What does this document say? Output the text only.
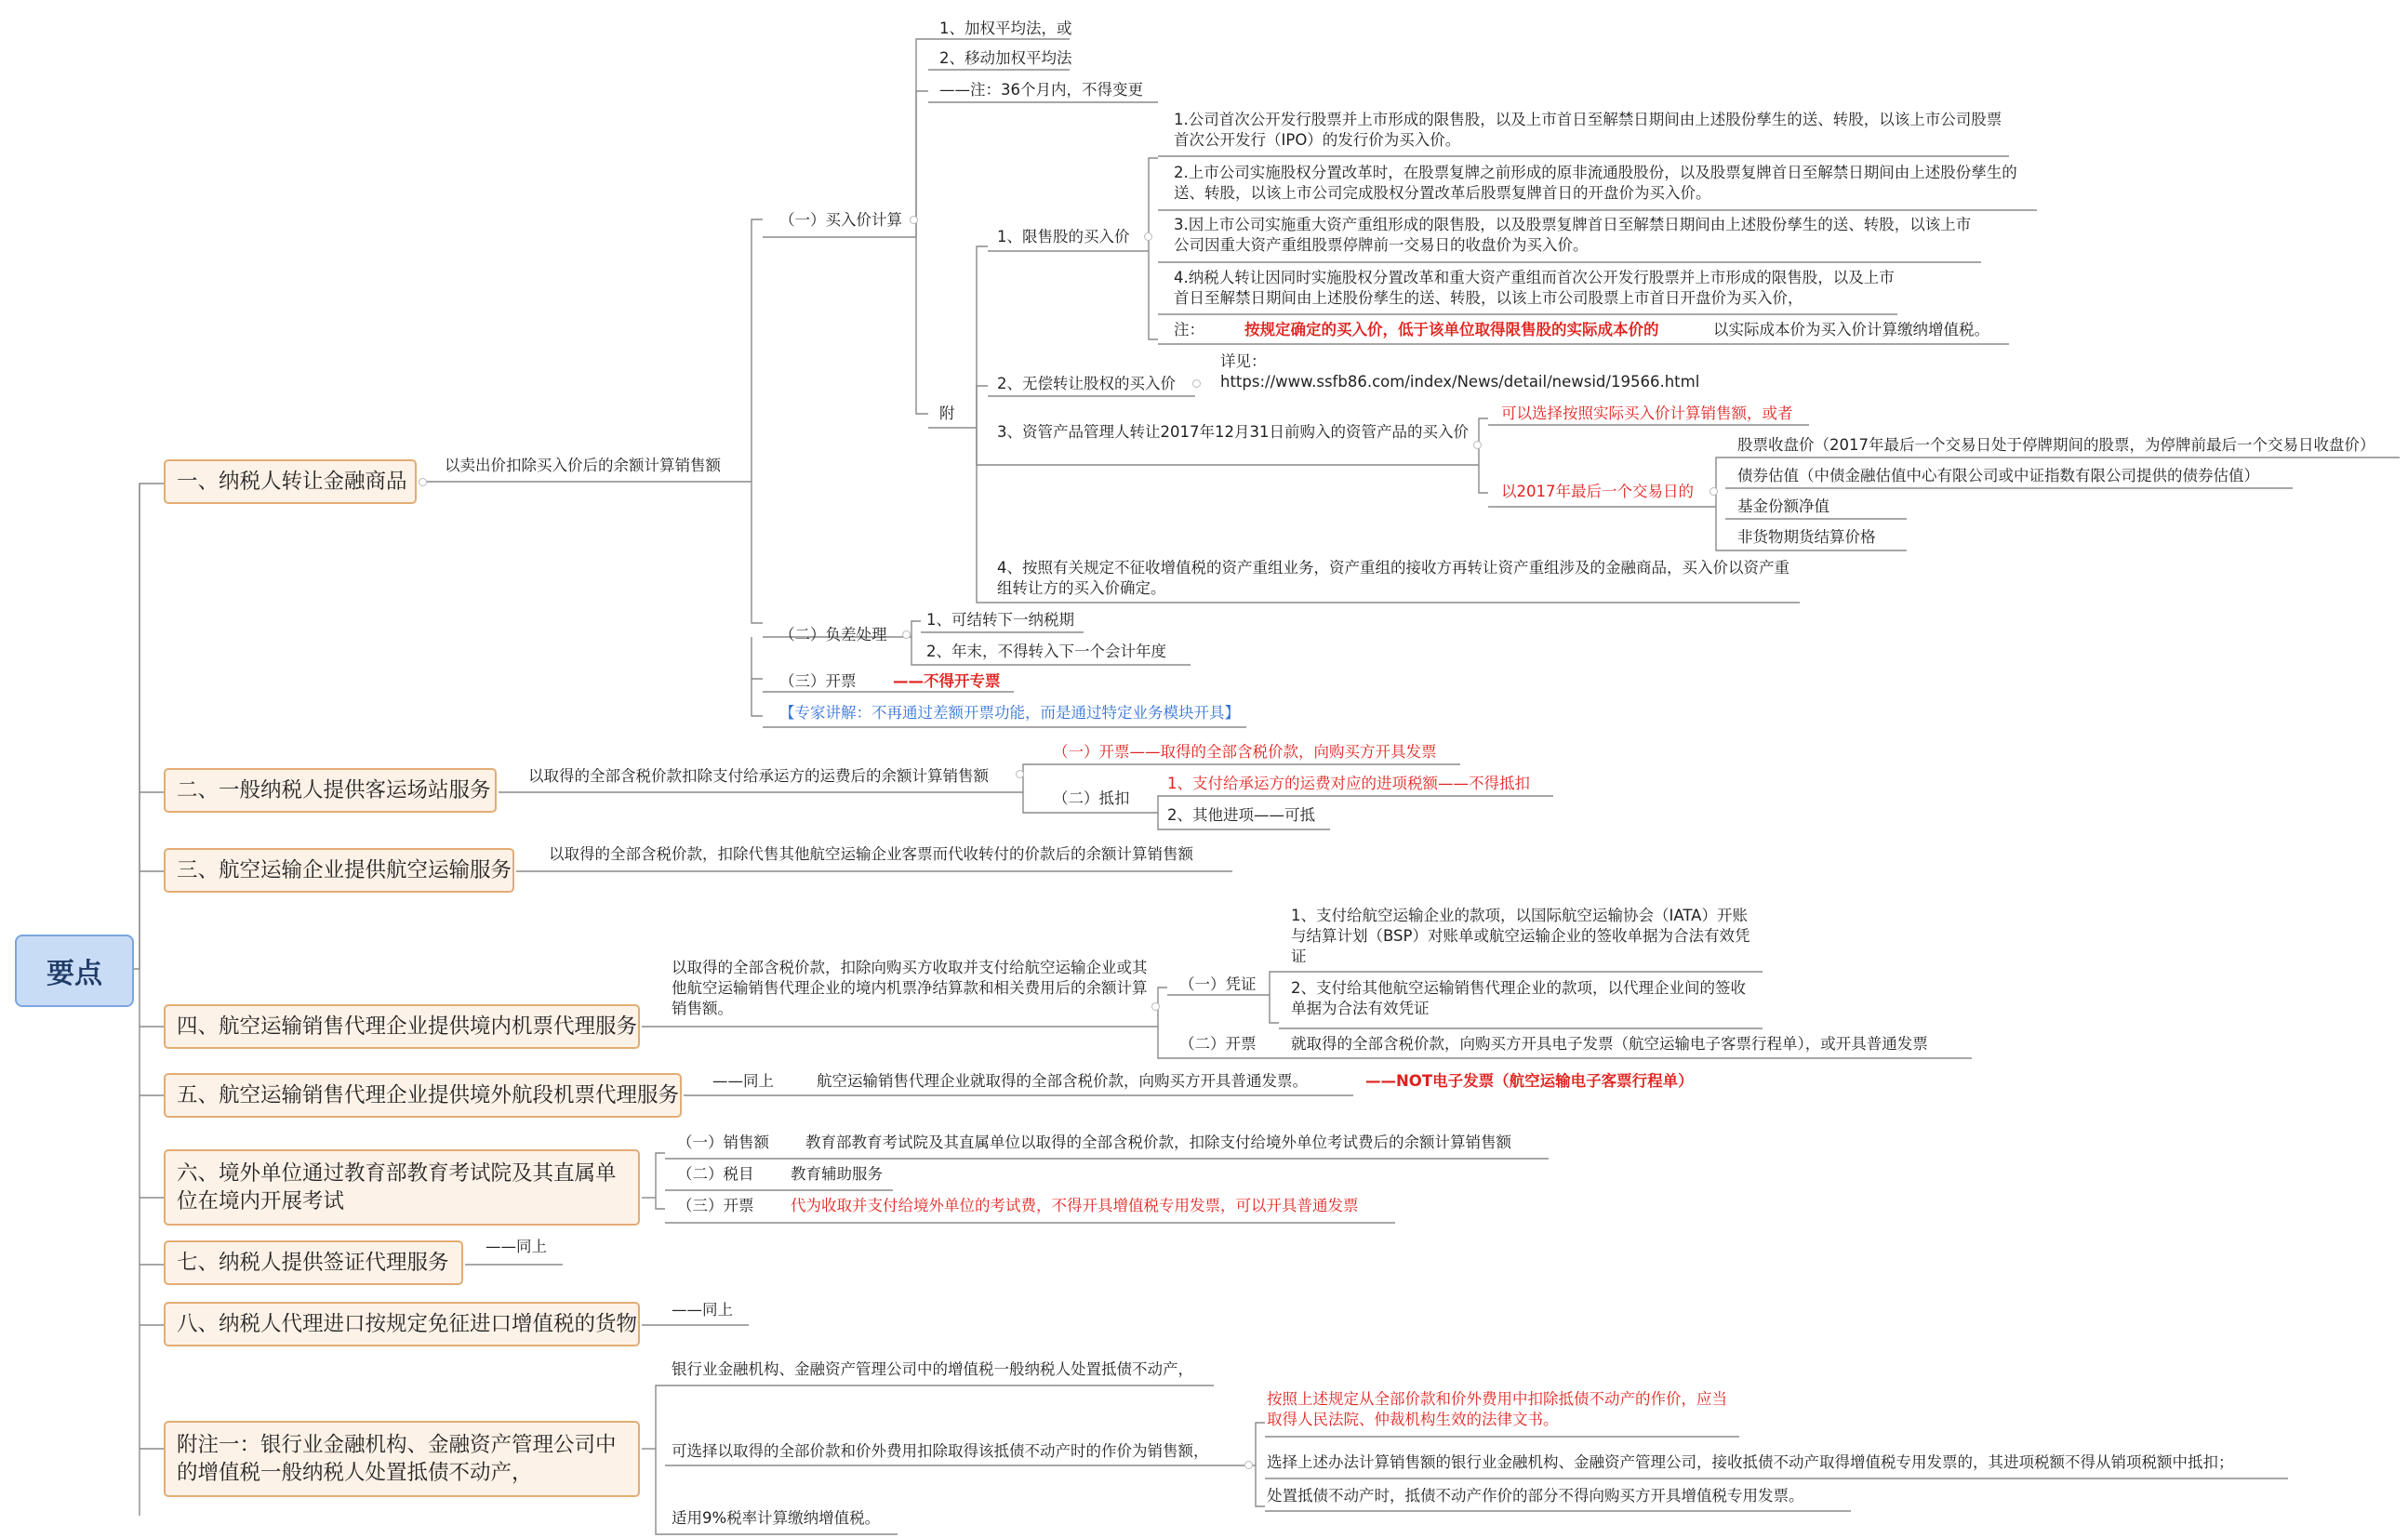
要点
一、纳税人转让金融商品
以卖出价扣除买入价后的余额计算销售额
（一）买入价计算
1、加权平均法，或
2、移动加权平均法
——注：36个月内，不得变更
附
1、限售股的买入价
1.公司首次公开发行股票并上市形成的限售股，以及上市首日至解禁日期间由上述股份孳生的送、转股，以该上市公司股票首次公开发行（IPO）的发行价为买入价。
2.上市公司实施股权分置改革时，在股票复牌之前形成的原非流通股股份，以及股票复牌首日至解禁日期间由上述股份孳生的送、转股，以该上市公司完成股权分置改革后股票复牌首日的开盘价为买入价。
3.因上市公司实施重大资产重组形成的限售股，以及股票复牌首日至解禁日期间由上述股份孳生的送、转股，以该上市公司因重大资产重组股票停牌前一交易日的收盘价为买入价。
4.纳税人转让因同时实施股权分置改革和重大资产重组而首次公开发行股票并上市形成的限售股，以及上市首日至解禁日期间由上述股份孳生的送、转股，以该上市公司股票上市首日开盘价为买入价，
注：	按规定确定的买入价，低于该单位取得限售股的实际成本价的	以实际成本价为买入价计算缴纳增值税。
2、无偿转让股权的买入价
详见：https://www.ssfb86.com/index/News/detail/newsid/19566.html
3、资管产品管理人转让2017年12月31日前购入的资管产品的买入价
可以选择按照实际买入价计算销售额，或者
以2017年最后一个交易日的
股票收盘价（2017年最后一个交易日处于停牌期间的股票，为停牌前最后一个交易日收盘价）
债券估值（中债金融估值中心有限公司或中证指数有限公司提供的债券估值）
基金份额净值
非货物期货结算价格
4、按照有关规定不征收增值税的资产重组业务，资产重组的接收方再转让资产重组涉及的金融商品，买入价以资产重组转让方的买入价确定。
（二）负差处理
1、可结转下一纳税期
2、年末，不得转入下一个会计年度
（三）开票 ——不得开专票
【专家讲解：不再通过差额开票功能，而是通过特定业务模块开具】
二、一般纳税人提供客运场站服务
以取得的全部含税价款扣除支付给承运方的运费后的余额计算销售额
（一）开票——取得的全部含税价款，向购买方开具发票
（二）抵扣
1、支付给承运方的运费对应的进项税额——不得抵扣
2、其他进项——可抵
三、航空运输企业提供航空运输服务
以取得的全部含税价款，扣除代售其他航空运输企业客票而代收转付的价款后的余额计算销售额
四、航空运输销售代理企业提供境内机票代理服务
以取得的全部含税价款，扣除向购买方收取并支付给航空运输企业或其他航空运输销售代理企业的境内机票净结算款和相关费用后的余额计算销售额。
（一）凭证
1、支付给航空运输企业的款项，以国际航空运输协会（IATA）开账与结算计划（BSP）对账单或航空运输企业的签收单据为合法有效凭证
2、支付给其他航空运输销售代理企业的款项，以代理企业间的签收单据为合法有效凭证
（二）开票 就取得的全部含税价款，向购买方开具电子发票（航空运输电子客票行程单），或开具普通发票
五、航空运输销售代理企业提供境外航段机票代理服务
——同上	航空运输销售代理企业就取得的全部含税价款，向购买方开具普通发票。	——NOT电子发票（航空运输电子客票行程单）
六、境外单位通过教育部教育考试院及其直属单位在境内开展考试
（一）销售额 教育部教育考试院及其直属单位以取得的全部含税价款，扣除支付给境外单位考试费后的余额计算销售额
（二）税目 教育辅助服务
（三）开票 代为收取并支付给境外单位的考试费，不得开具增值税专用发票，可以开具普通发票
七、纳税人提供签证代理服务
——同上
八、纳税人代理进口按规定免征进口增值税的货物
——同上
附注一：银行业金融机构、金融资产管理公司中的增值税一般纳税人处置抵债不动产，
银行业金融机构、金融资产管理公司中的增值税一般纳税人处置抵债不动产，
可选择以取得的全部价款和价外费用扣除取得该抵债不动产时的作价为销售额，
按照上述规定从全部价款和价外费用中扣除抵债不动产的作价，应当取得人民法院、仲裁机构生效的法律文书。
选择上述办法计算销售额的银行业金融机构、金融资产管理公司，接收抵债不动产取得增值税专用发票的，其进项税额不得从销项税额中抵扣；
处置抵债不动产时，抵债不动产作价的部分不得向购买方开具增值税专用发票。
适用9%税率计算缴纳增值税。
